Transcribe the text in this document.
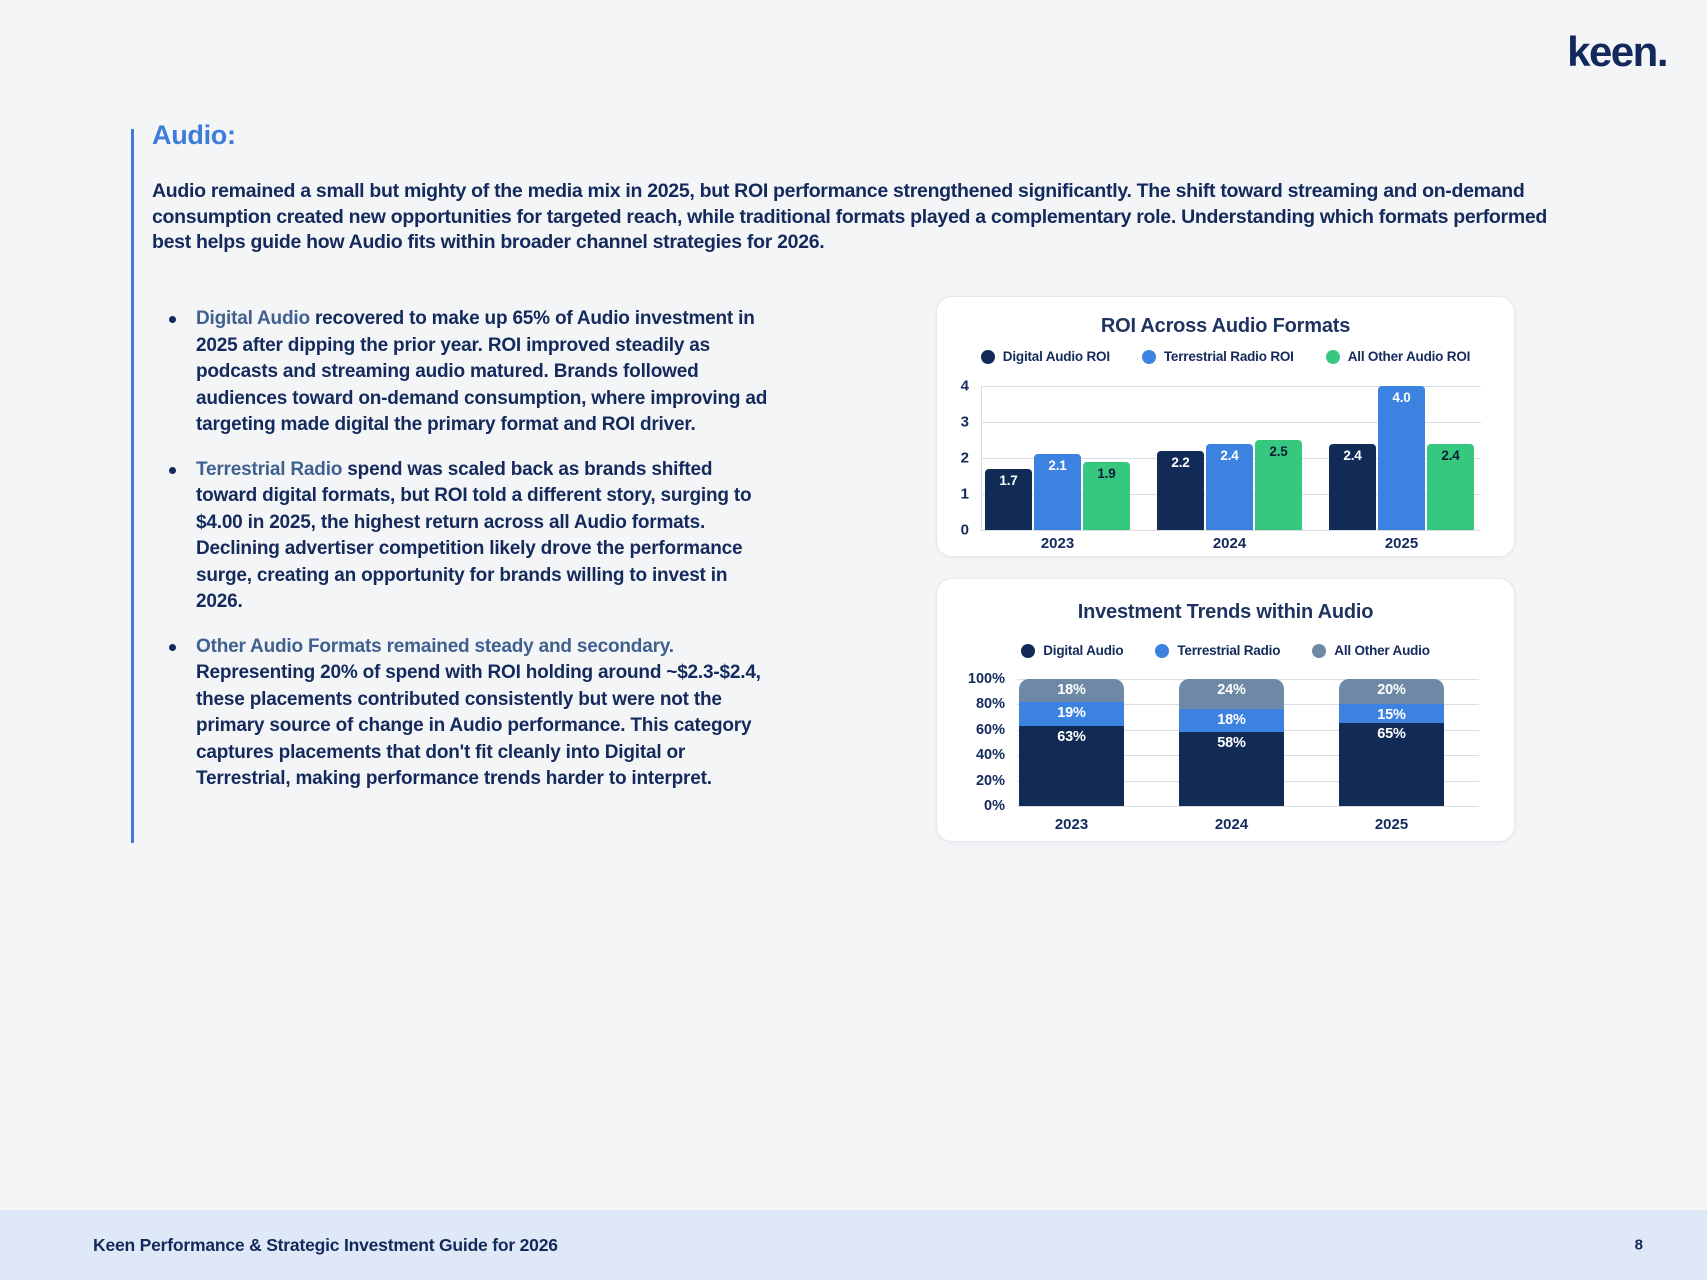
keen.
Audio:

Audio remained a small but mighty of the media mix in 2025, but ROI performance strengthened significantly. The shift toward streaming and on-demand consumption created new opportunities for targeted reach, while traditional formats played a complementary role. Understanding which formats performed best helps guide how Audio fits within broader channel strategies for 2026.

Digital Audio recovered to make up 65% of Audio investment in 2025 after dipping the prior year. ROI improved steadily as podcasts and streaming audio matured. Brands followed audiences toward on-demand consumption, where improving ad targeting made digital the primary format and ROI driver.
Terrestrial Radio spend was scaled back as brands shifted toward digital formats, but ROI told a different story, surging to $4.00 in 2025, the highest return across all Audio formats. Declining advertiser competition likely drove the performance surge, creating an opportunity for brands willing to invest in 2026.
Other Audio Formats remained steady and secondary. Representing 20% of spend with ROI holding around ~$2.3-$2.4, these placements contributed consistently but were not the primary source of change in Audio performance. This category captures placements that don't fit cleanly into Digital or Terrestrial, making performance trends harder to interpret.
ROI Across Audio Formats
Digital Audio ROI	Terrestrial Radio ROI	All Other Audio ROI
0
1
2
3
4
1.7
2.1	1.9
2.2	2.4	2.5	2.4
4.0
2.4
2023	2024	2025
Investment Trends within Audio
Digital Audio	Terrestrial Radio	All Other Audio
0%
20%
40%
60%
80%
100%
18%
19%
63%
24%
18%
58%
20%
15%
65%
2023	2024	2025
Keen Performance & Strategic Investment Guide for 2026	8
